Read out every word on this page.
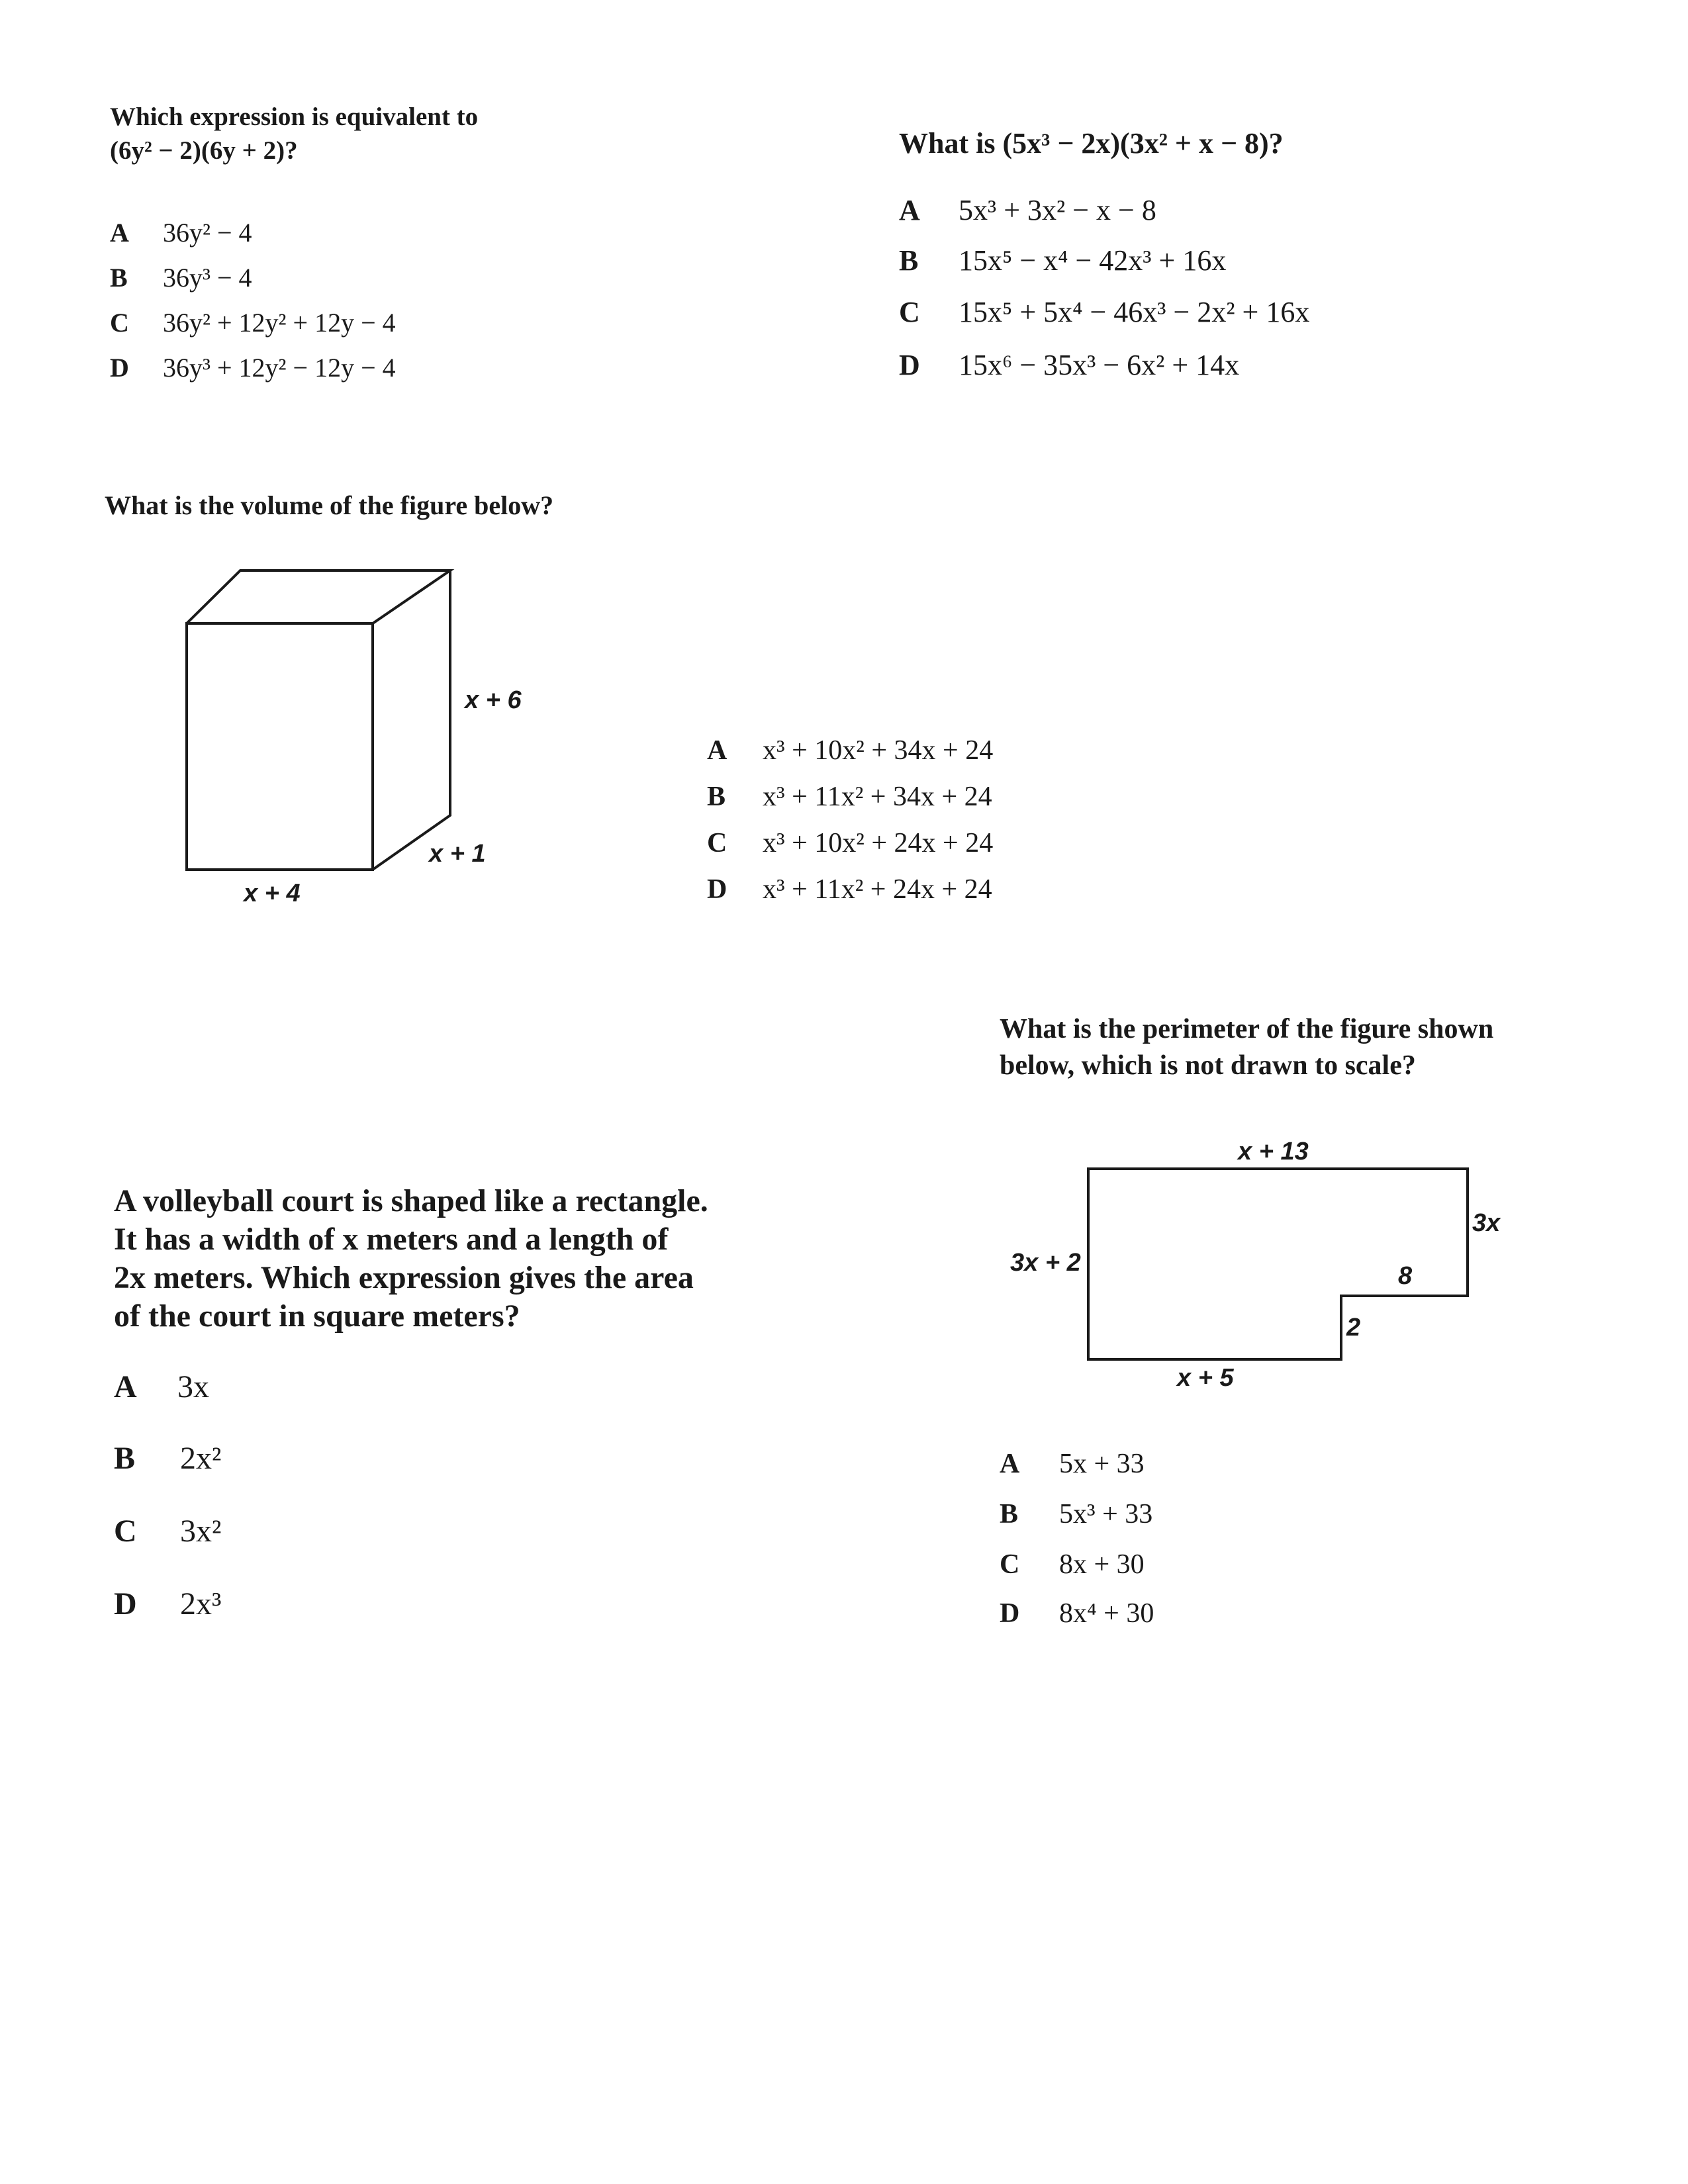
Which expression is equivalent to
(6y² − 2)(6y + 2)?
A 36y² − 4
B 36y³ − 4
C 36y² + 12y² + 12y − 4
D 36y³ + 12y² − 12y − 4
What is (5x³ − 2x)(3x² + x − 8)?
A 5x³ + 3x² − x − 8
B 15x⁵ − x⁴ − 42x³ + 16x
C 15x⁵ + 5x⁴ − 46x³ − 2x² + 16x
D 15x⁶ − 35x³ − 6x² + 14x
What is the volume of the figure below?
x + 6
x + 1
x + 4
A x³ + 10x² + 34x + 24
B x³ + 11x² + 34x + 24
C x³ + 10x² + 24x + 24
D x³ + 11x² + 24x + 24
What is the perimeter of the figure shown
below, which is not drawn to scale?
x + 13
3x + 2
3x
8
2
x + 5
A 5x + 33
B 5x³ + 33
C 8x + 30
D 8x⁴ + 30
A volleyball court is shaped like a rectangle.
It has a width of x meters and a length of
2x meters. Which expression gives the area
of the court in square meters?
A 3x
B 2x²
C 3x²
D 2x³
